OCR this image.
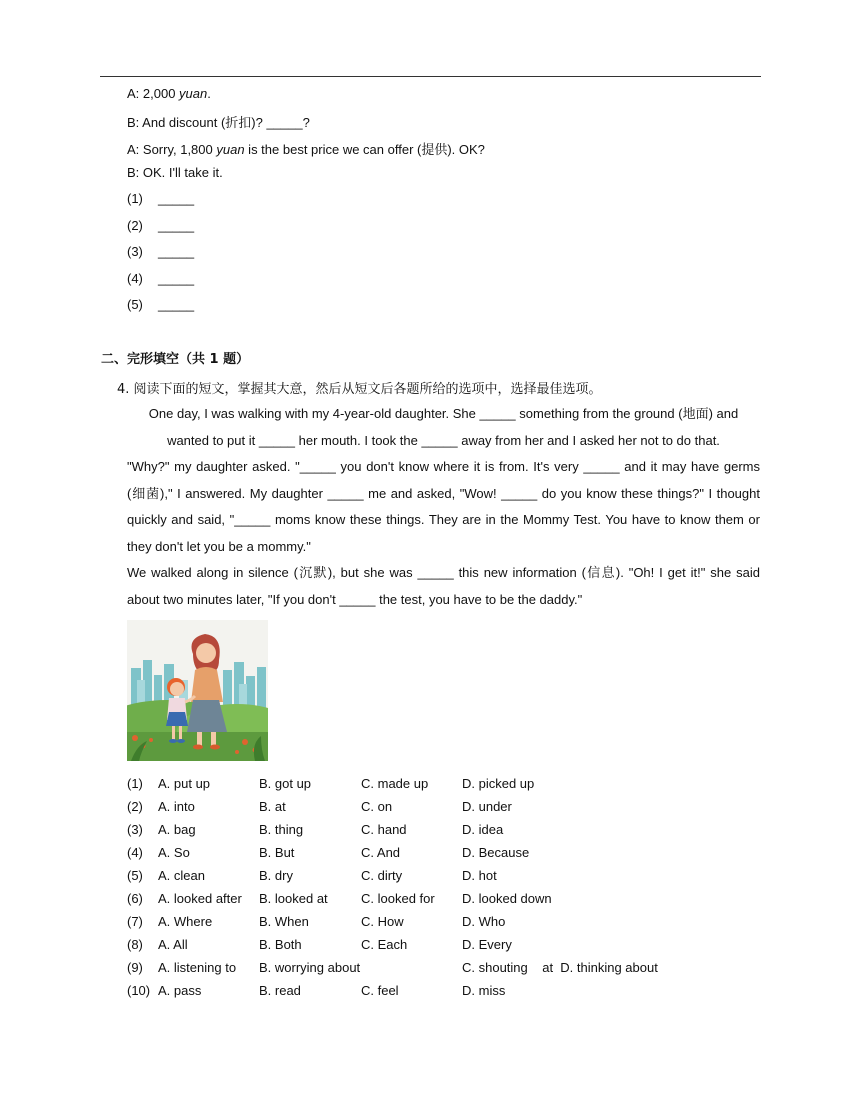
A: 2,000 yuan.
B: And discount (折扣)? _____?
A: Sorry, 1,800 yuan is the best price we can offer (提供). OK?
B: OK. I'll take it.
(1) _____
(2) _____
(3) _____
(4) _____
(5) _____
二、完形填空（共 1 题）
4. 阅读下面的短文，掌握其大意，然后从短文后各题所给的选项中，选择最佳选项。

One day, I was walking with my 4-year-old daughter. She _____ something from the ground (地面) and

wanted to put it _____ her mouth. I took the _____ away from her and I asked her not to do that.

"Why?" my daughter asked. "_____ you don't know where it is from. It's very _____ and it may have germs (细菌)," I answered. My daughter _____ me and asked, "Wow! _____ do you know these things?" I thought quickly and said, "_____ moms know these things. They are in the Mommy Test. You have to know them or they don't let you be a mommy."

We walked along in silence (沉默), but she was _____ this new information (信息). "Oh! I get it!" she said about two minutes later, "If you don't _____ the test, you have to be the daddy."

(1) A. put up	B. got up	C. made up	D. picked up
(2) A. into	B. at	C. on	D. under
(3) A. bag	B. thing	C. hand	D. idea
(4) A. So	B. But	C. And	D. Because
(5) A. clean	B. dry	C. dirty	D. hot
(6) A. looked after B. looked at	C. looked for D. looked down
(7) A. Where	B. When	C. How	D. Who
(8) A. All	B. Both	C. Each	D. Every
(9) A. listening to B. worrying about	C. shouting    at  D. thinking about
(10) A. pass	B. read	C. feel	D. miss
